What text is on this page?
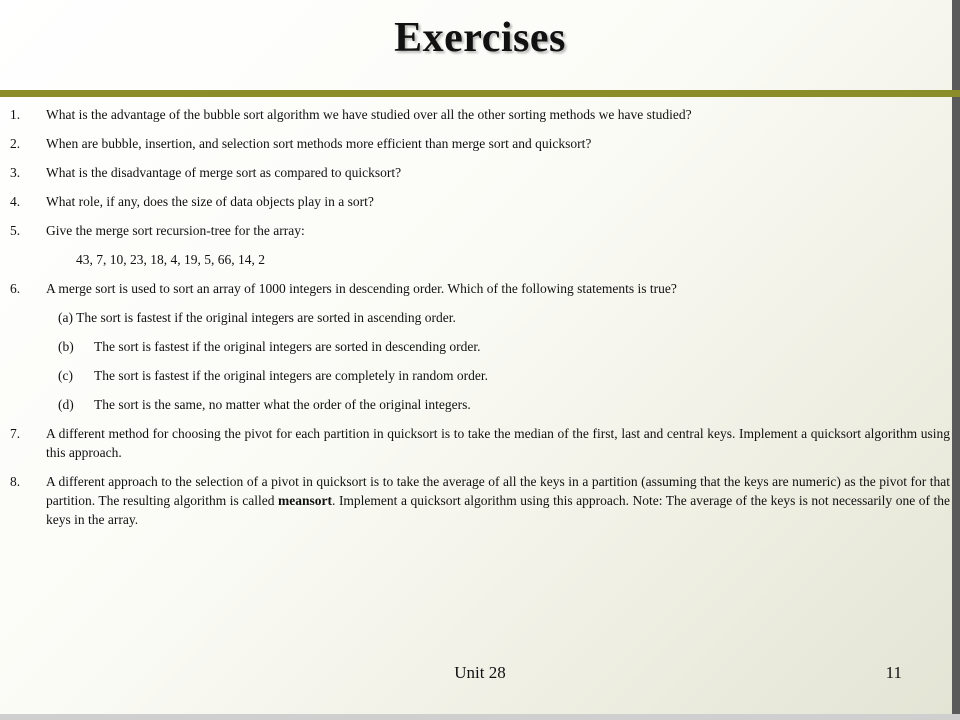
Exercises
1. What is the advantage of the bubble sort algorithm we have studied over all the other sorting methods we have studied?
2. When are bubble, insertion, and selection sort methods more efficient than merge sort and quicksort?
3. What is the disadvantage of merge sort as compared to quicksort?
4. What role, if any, does the size of data objects play in a sort?
5. Give the merge sort recursion-tree for the array:
43, 7, 10, 23, 18, 4, 19, 5, 66, 14, 2
6. A merge sort is used to sort an array of 1000 integers in descending order. Which of the following statements is true?
(a) The sort is fastest if the original integers are sorted in ascending order.
(b) The sort is fastest if the original integers are sorted in descending order.
(c) The sort is fastest if the original integers are completely in random order.
(d) The sort is the same, no matter what the order of the original integers.
7. A different method for choosing the pivot for each partition in quicksort is to take the median of the first, last and central keys. Implement a quicksort algorithm using this approach.
8. A different approach to the selection of a pivot in quicksort is to take the average of all the keys in a partition (assuming that the keys are numeric) as the pivot for that partition. The resulting algorithm is called meansort. Implement a quicksort algorithm using this approach. Note: The average of the keys is not necessarily one of the keys in the array.
Unit 28	11
